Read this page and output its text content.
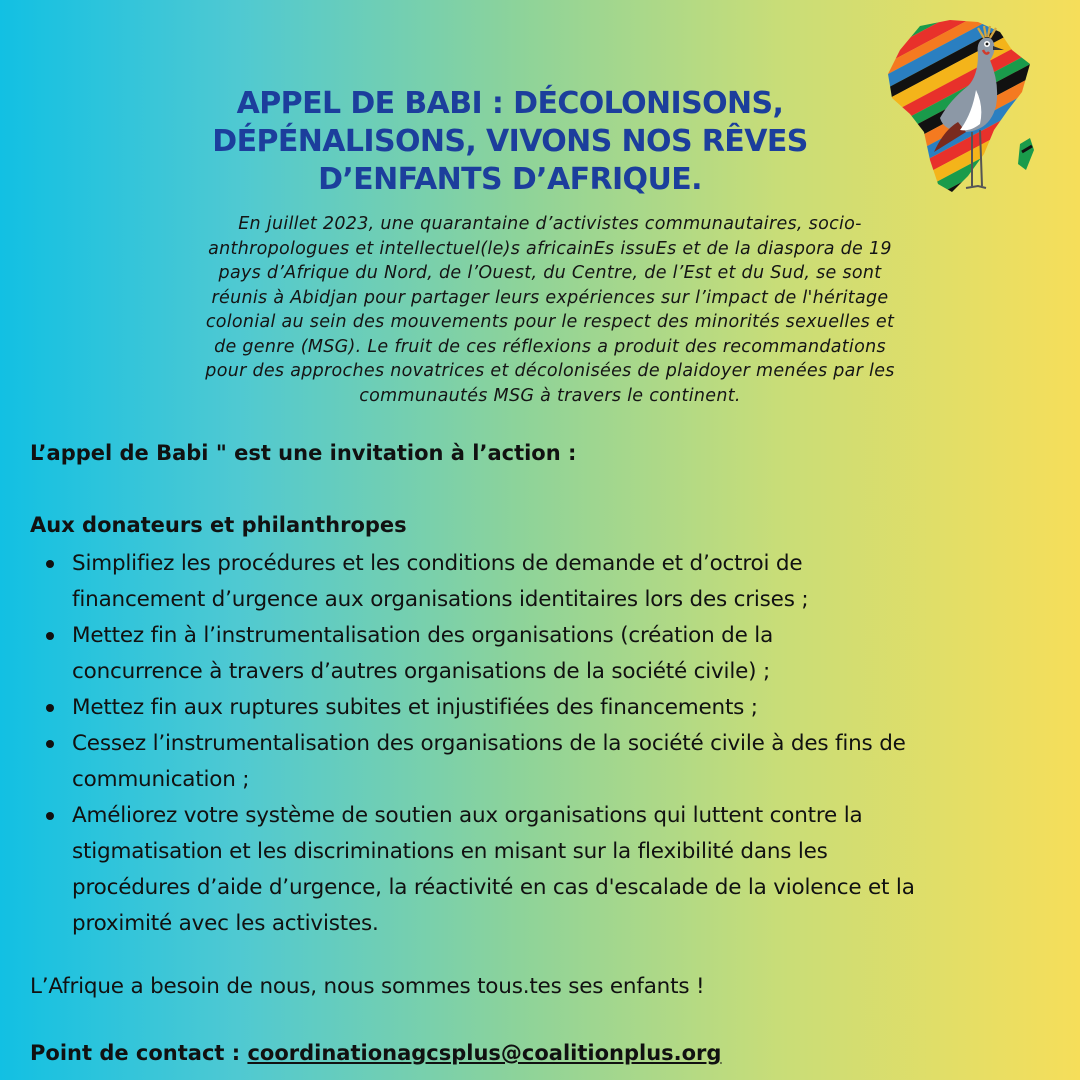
APPEL DE BABI : DÉCOLONISONS,
DÉPÉNALISONS, VIVONS NOS RÊVES
D’ENFANTS D’AFRIQUE.

En juillet 2023, une quarantaine d’activistes communautaires, socio-
anthropologues et intellectuel(le)s africainEs issuEs et de la diaspora de 19
pays d’Afrique du Nord, de l’Ouest, du Centre, de l’Est et du Sud, se sont
réunis à Abidjan pour partager leurs expériences sur l’impact de l'héritage
colonial au sein des mouvements pour le respect des minorités sexuelles et
de genre (MSG). Le fruit de ces réflexions a produit des recommandations
pour des approches novatrices et décolonisées de plaidoyer menées par les
communautés MSG à travers le continent.

L’appel de Babi " est une invitation à l’action :

Aux donateurs et philanthropes

Simplifiez les procédures et les conditions de demande et d’octroi de
financement d’urgence aux organisations identitaires lors des crises ;
Mettez fin à l’instrumentalisation des organisations (création de la
concurrence à travers d’autres organisations de la société civile) ;
Mettez fin aux ruptures subites et injustifiées des financements ;
Cessez l’instrumentalisation des organisations de la société civile à des fins de
communication ;
Améliorez votre système de soutien aux organisations qui luttent contre la
stigmatisation et les discriminations en misant sur la flexibilité dans les
procédures d’aide d’urgence, la réactivité en cas d'escalade de la violence et la
proximité avec les activistes.

L’Afrique a besoin de nous, nous sommes tous.tes ses enfants !

Point de contact : coordinationagcsplus@coalitionplus.org
